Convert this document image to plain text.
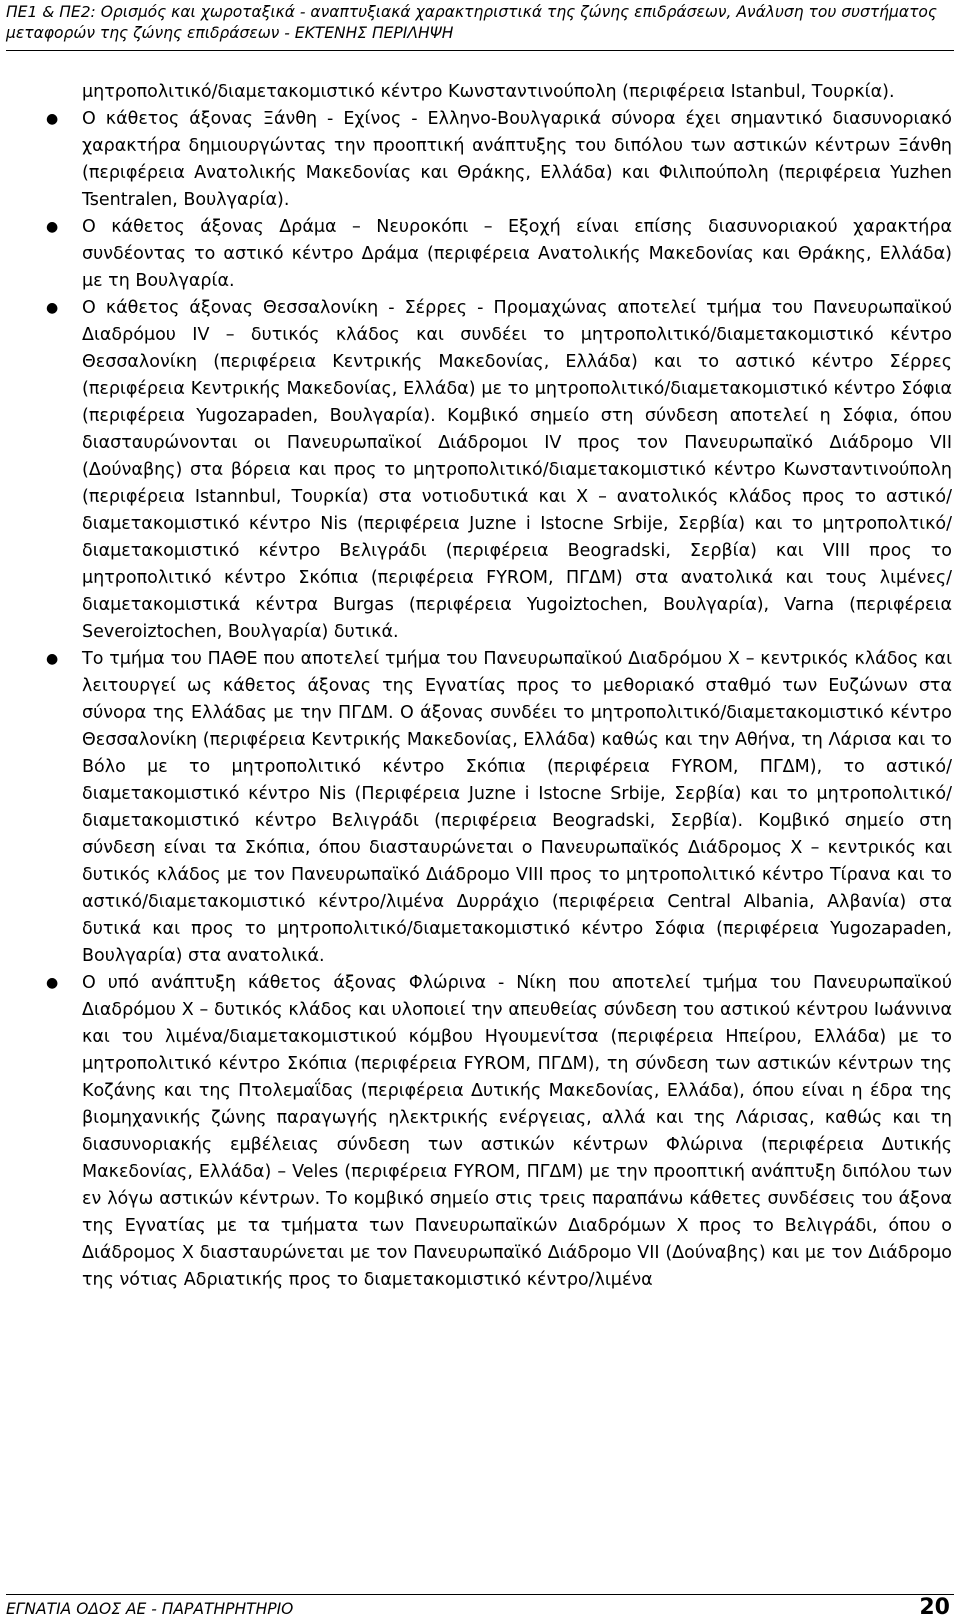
ΠΕ1 & ΠΕ2: Ορισμός και χωροταξικά - αναπτυξιακά χαρακτηριστικά της ζώνης επιδράσεων, Ανάλυση του συστήματος μεταφορών της ζώνης επιδράσεων - ΕΚΤΕΝΗΣ ΠΕΡΙΛΗΨΗ

μητροπολιτικό/διαμετακομιστικό κέντρο Κωνσταντινούπολη (περιφέρεια Istanbul, Τουρκία).

● Ο κάθετος άξονας Ξάνθη - Εχίνος - Ελληνο-Βουλγαρικά σύνορα έχει σημαντικό διασυνοριακό χαρακτήρα δημιουργώντας την προοπτική ανάπτυξης του διπόλου των αστικών κέντρων Ξάνθη (περιφέρεια Ανατολικής Μακεδονίας και Θράκης, Ελλάδα) και Φιλιπούπολη (περιφέρεια Yuzhen Tsentralen, Βουλγαρία).
● Ο κάθετος άξονας Δράμα – Νευροκόπι – Εξοχή είναι επίσης διασυνοριακού χαρακτήρα συνδέοντας το αστικό κέντρο Δράμα (περιφέρεια Ανατολικής Μακεδονίας και Θράκης, Ελλάδα) με τη Βουλγαρία.
● Ο κάθετος άξονας Θεσσαλονίκη - Σέρρες - Προμαχώνας αποτελεί τμήμα του Πανευρωπαϊκού Διαδρόμου IV – δυτικός κλάδος και συνδέει το μητροπολιτικό/διαμετακομιστικό κέντρο Θεσσαλονίκη (περιφέρεια Κεντρικής Μακεδονίας, Ελλάδα) και το αστικό κέντρο Σέρρες (περιφέρεια Κεντρικής Μακεδονίας, Ελλάδα) με το μητροπολιτικό/διαμετακομιστικό κέντρο Σόφια (περιφέρεια Yugozapaden, Βουλγαρία). Κομβικό σημείο στη σύνδεση αποτελεί η Σόφια, όπου διασταυρώνονται οι Πανευρωπαϊκοί Διάδρομοι IV προς τον Πανευρωπαϊκό Διάδρομο VII (Δούναβης) στα βόρεια και προς το μητροπολιτικό/διαμετακομιστικό κέντρο Κωνσταντινούπολη (περιφέρεια Istannbul, Τουρκία) στα νοτιοδυτικά και X – ανατολικός κλάδος προς το αστικό/διαμετακομιστικό κέντρο Nis (περιφέρεια Juzne i Istocne Srbije, Σερβία) και το μητροπολτικό/διαμετακομιστικό κέντρο Βελιγράδι (περιφέρεια Beogradski, Σερβία) και VIII προς το μητροπολιτικό κέντρο Σκόπια (περιφέρεια FYROM, ΠΓΔΜ) στα ανατολικά και τους λιμένες/διαμετακομιστικά κέντρα Burgas (περιφέρεια Yugoiztochen, Βουλγαρία), Varna (περιφέρεια Severoiztochen, Βουλγαρία) δυτικά.
● Το τμήμα του ΠΑΘΕ που αποτελεί τμήμα του Πανευρωπαϊκού Διαδρόμου X – κεντρικός κλάδος και λειτουργεί ως κάθετος άξονας της Εγνατίας προς το μεθοριακό σταθμό των Ευζώνων στα σύνορα της Ελλάδας με την ΠΓΔΜ. Ο άξονας συνδέει το μητροπολιτικό/διαμετακομιστικό κέντρο Θεσσαλονίκη (περιφέρεια Κεντρικής Μακεδονίας, Ελλάδα) καθώς και την Αθήνα, τη Λάρισα και το Βόλο με το μητροπολιτικό κέντρο Σκόπια (περιφέρεια FYROM, ΠΓΔΜ), το αστικό/διαμετακομιστικό κέντρο Nis (Περιφέρεια Juzne i Istocne Srbije, Σερβία) και το μητροπολιτικό/διαμετακομιστικό κέντρο Βελιγράδι (περιφέρεια Beogradski, Σερβία). Κομβικό σημείο στη σύνδεση είναι τα Σκόπια, όπου διασταυρώνεται ο Πανευρωπαϊκός Διάδρομος X – κεντρικός και δυτικός κλάδος με τον Πανευρωπαϊκό Διάδρομο VIII προς το μητροπολιτικό κέντρο Τίρανα και το αστικό/διαμετακομιστικό κέντρο/λιμένα Δυρράχιο (περιφέρεια Central Albania, Αλβανία) στα δυτικά και προς το μητροπολιτικό/διαμετακομιστικό κέντρο Σόφια (περιφέρεια Yugozapaden, Βουλγαρία) στα ανατολικά.
● Ο υπό ανάπτυξη κάθετος άξονας Φλώρινα - Νίκη που αποτελεί τμήμα του Πανευρωπαϊκού Διαδρόμου X – δυτικός κλάδος και υλοποιεί την απευθείας σύνδεση του αστικού κέντρου Ιωάννινα και του λιμένα/διαμετακομιστικού κόμβου Ηγουμενίτσα (περιφέρεια Ηπείρου, Ελλάδα) με το μητροπολιτικό κέντρο Σκόπια (περιφέρεια FYROM, ΠΓΔΜ), τη σύνδεση των αστικών κέντρων της Κοζάνης και της Πτολεμαΐδας (περιφέρεια Δυτικής Μακεδονίας, Ελλάδα), όπου είναι η έδρα της βιομηχανικής ζώνης παραγωγής ηλεκτρικής ενέργειας, αλλά και της Λάρισας, καθώς και τη διασυνοριακής εμβέλειας σύνδεση των αστικών κέντρων Φλώρινα (περιφέρεια Δυτικής Μακεδονίας, Ελλάδα) – Veles (περιφέρεια FYROM, ΠΓΔΜ) με την προοπτική ανάπτυξη διπόλου των εν λόγω αστικών κέντρων. Το κομβικό σημείο στις τρεις παραπάνω κάθετες συνδέσεις του άξονα της Εγνατίας με τα τμήματα των Πανευρωπαϊκών Διαδρόμων X προς το Βελιγράδι, όπου ο Διάδρομος X διασταυρώνεται με τον Πανευρωπαϊκό Διάδρομο VII (Δούναβης) και με τον Διάδρομο της νότιας Αδριατικής προς το διαμετακομιστικό κέντρο/λιμένα
ΕΓΝΑΤΙΑ ΟΔΟΣ ΑΕ - ΠΑΡΑΤΗΡΗΤΗΡΙΟ	20
